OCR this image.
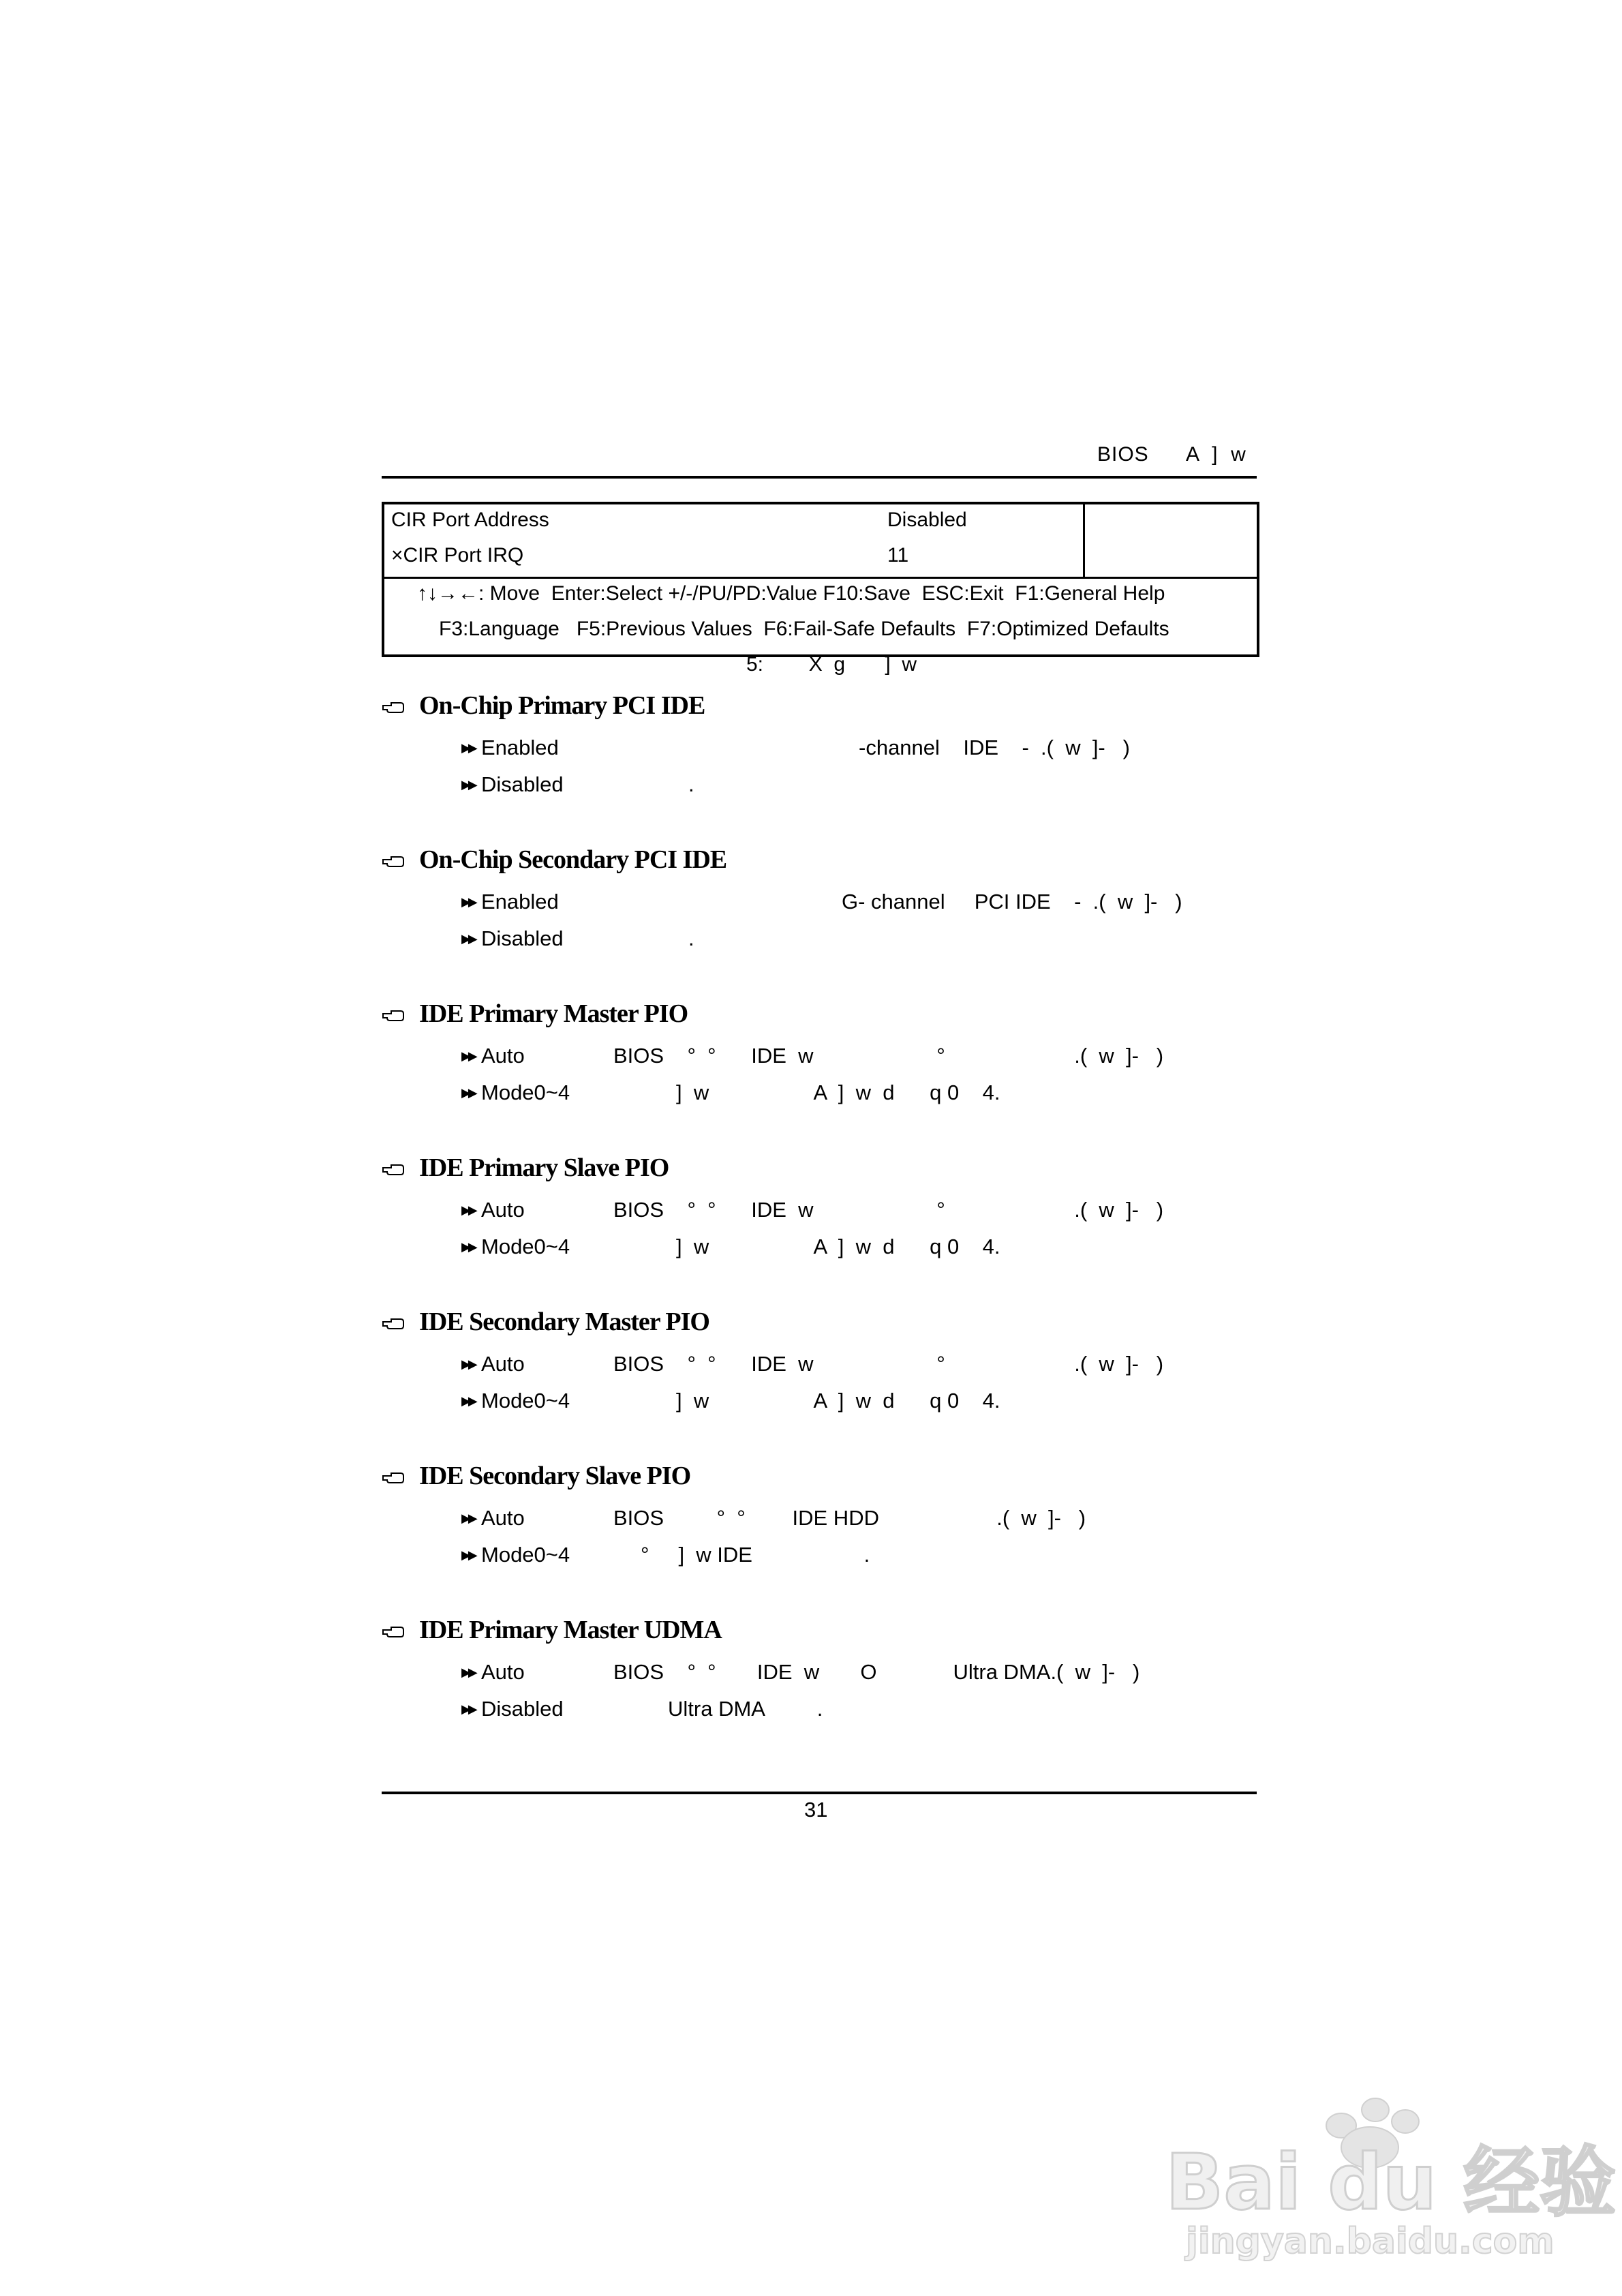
BIOS      A  ]  w
CIR Port Address	Disabled
×CIR Port IRQ	11
↑↓→←: Move  Enter:Select +/-/PU/PD:Value F10:Save  ESC:Exit  F1:General Help
F3:Language   F5:Previous Values  F6:Fail-Safe Defaults  F7:Optimized Defaults
5:        X  g       ]  w
On-Chip Primary PCI IDE
▶▶ Enabled	-channel    IDE    -  .(  w  ]-   )
▶▶ Disabled	.
On-Chip Secondary PCI IDE
▶▶ Enabled	G- channel     PCI IDE    -  .(  w  ]-   )
▶▶ Disabled	.
IDE Primary Master PIO
▶▶ Auto	BIOS    °  °      IDE  w                     °                      .(  w  ]-   )
▶▶ Mode0~4	]  w                  A  ]  w  d      q 0    4.
IDE Primary Slave PIO
▶▶ Auto	BIOS    °  °      IDE  w                     °                      .(  w  ]-   )
▶▶ Mode0~4	]  w                  A  ]  w  d      q 0    4.
IDE Secondary Master PIO
▶▶ Auto	BIOS    °  °      IDE  w                     °                      .(  w  ]-   )
▶▶ Mode0~4	]  w                  A  ]  w  d      q 0    4.
IDE Secondary Slave PIO
▶▶ Auto	BIOS         °  °        IDE HDD                    .(  w  ]-   )
▶▶ Mode0~4	°     ]  w IDE                   .
IDE Primary Master UDMA
▶▶ Auto	BIOS    °  °       IDE  w       O             Ultra DMA.(  w  ]-   )
▶▶ Disabled	Ultra DMA         .
31
Bai du 经验
jingyan.baidu.com
